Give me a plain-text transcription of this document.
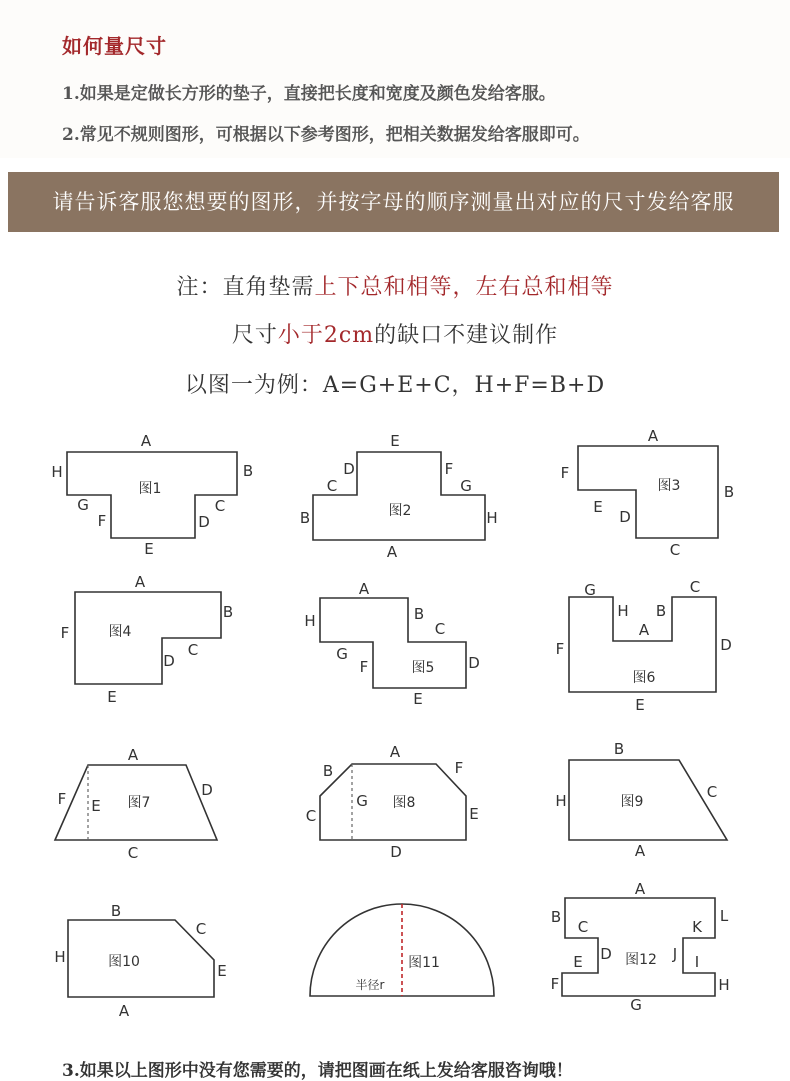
如何量尺寸
1.如果是定做长方形的垫子，直接把长度和宽度及颜色发给客服。
2.常见不规则图形，可根据以下参考图形，把相关数据发给客服即可。
请告诉客服您想要的图形，并按字母的顺序测量出对应的尺寸发给客服
注：直角垫需上下总和相等，左右总和相等
尺寸小于2cm的缺口不建议制作
以图一为例：A=G+E+C，H+F=B+D
图1
A
H	B
G	C
F	D
E
图2
E
D	F
C	G
B	H
A
图3
A
F
B
E
D
C
图4
A
B
F
C
D
E
图5
A
H	B
C
G
F	D
E
图6
G	C
H B
A
F	D
E
图7
A
F E
D
C
图8
A
B	F
G
C	E
D
图9
B
H	C
A
图10
B
C
H
E
A
图11
半径r
图12
A
B
C	K
L
D	J
E	I
F	H
G
3.如果以上图形中没有您需要的，请把图画在纸上发给客服咨询哦！
